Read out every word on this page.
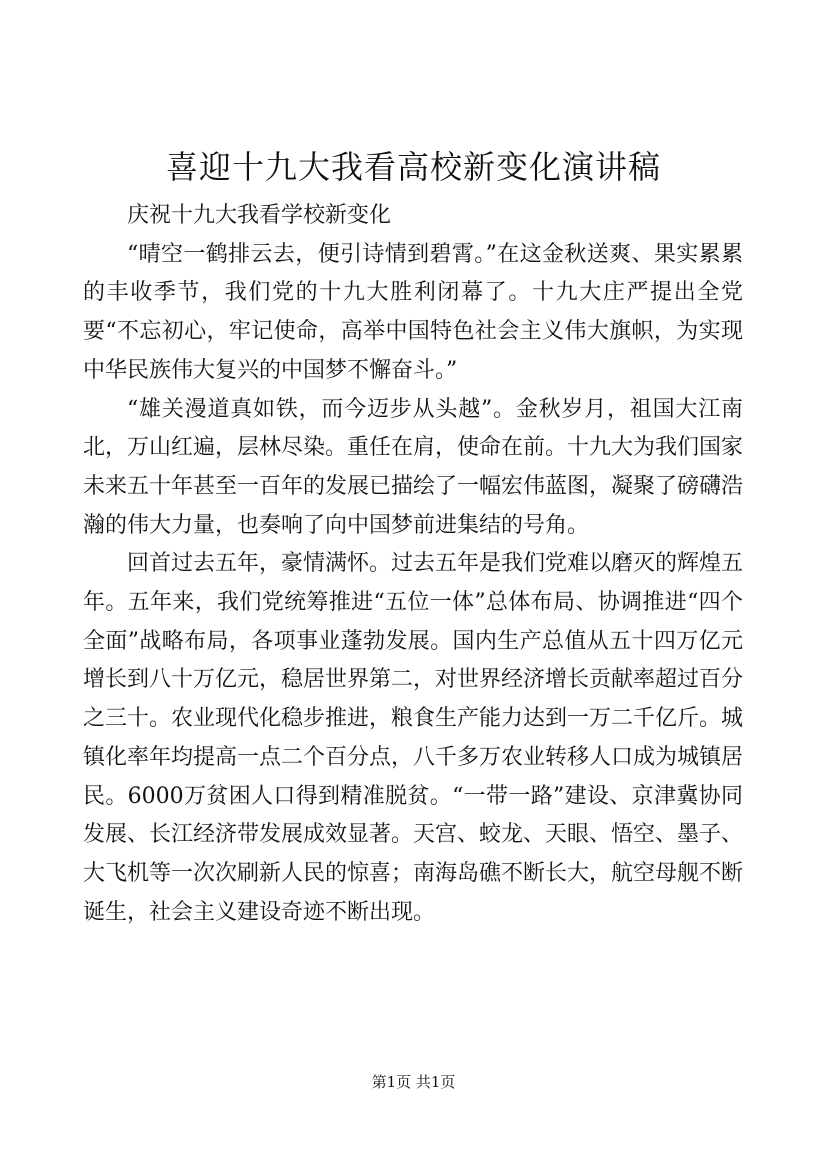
喜迎十九大我看高校新变化演讲稿

庆祝十九大我看学校新变化

“晴空一鹤排云去，便引诗情到碧霄。”在这金秋送爽、果实累累的丰收季节，我们党的十九大胜利闭幕了。十九大庄严提出全党要“不忘初心，牢记使命，高举中国特色社会主义伟大旗帜，为实现中华民族伟大复兴的中国梦不懈奋斗。”

“雄关漫道真如铁，而今迈步从头越”。金秋岁月，祖国大江南北，万山红遍，层林尽染。重任在肩，使命在前。十九大为我们国家未来五十年甚至一百年的发展已描绘了一幅宏伟蓝图，凝聚了磅礴浩瀚的伟大力量，也奏响了向中国梦前进集结的号角。

回首过去五年，豪情满怀。过去五年是我们党难以磨灭的辉煌五年。五年来，我们党统筹推进“五位一体”总体布局、协调推进“四个全面”战略布局，各项事业蓬勃发展。国内生产总值从五十四万亿元增长到八十万亿元，稳居世界第二，对世界经济增长贡献率超过百分之三十。农业现代化稳步推进，粮食生产能力达到一万二千亿斤。城镇化率年均提高一点二个百分点，八千多万农业转移人口成为城镇居民。6000万贫困人口得到精准脱贫。“一带一路”建设、京津冀协同发展、长江经济带发展成效显著。天宫、蛟龙、天眼、悟空、墨子、大飞机等一次次刷新人民的惊喜；南海岛礁不断长大，航空母舰不断诞生，社会主义建设奇迹不断出现。

第1页 共1页
